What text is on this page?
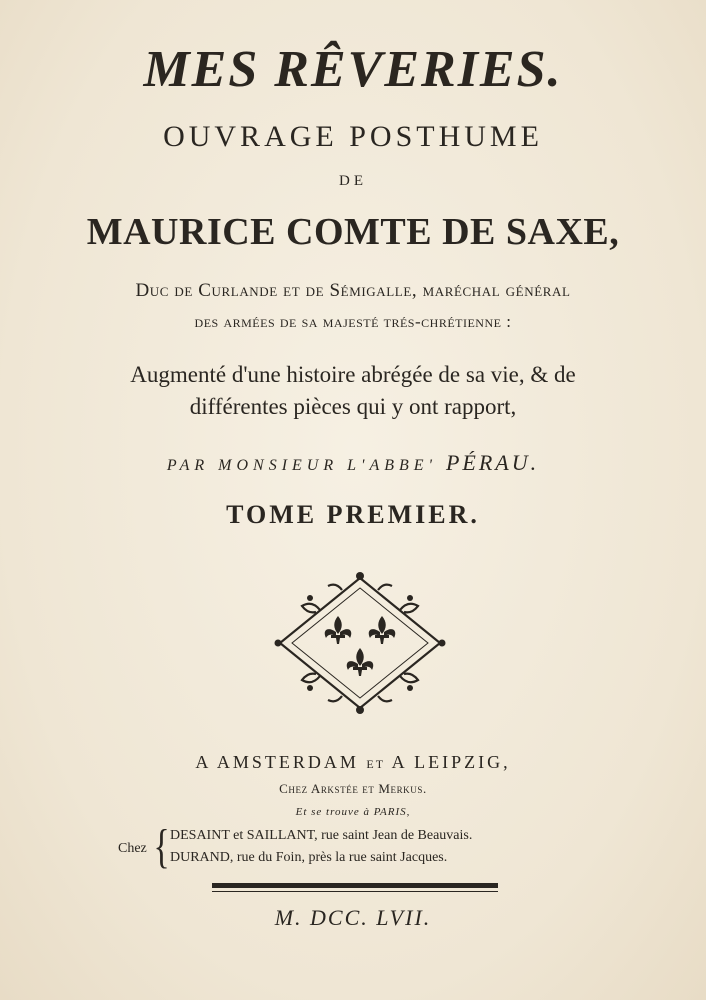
MES RÊVERIES.
OUVRAGE POSTHUME
DE
MAURICE COMTE DE SAXE,
Duc de Curlande et de Sémigalle, maréchal général
des armées de sa majesté trés-chrétienne :
Augmenté d'une histoire abrégée de sa vie, & de
différentes pièces qui y ont rapport,
PAR MONSIEUR L'ABBE' PÉRAU.
TOME PREMIER.
A AMSTERDAM ET A LEIPZIG,
Chez Arkstée et Merkus.
Et se trouve à PARIS,
Chez { DESAINT et SAILLANT, rue saint Jean de Beauvais.
DURAND, rue du Foin, près la rue saint Jacques.
M. DCC. LVII.
